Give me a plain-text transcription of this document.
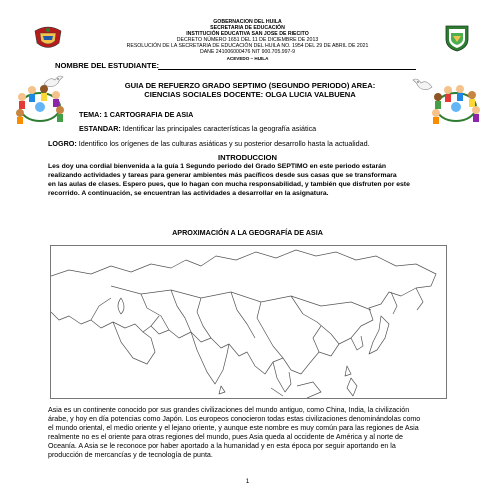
GOBERNACION DEL HUILA
SECRETARIA DE EDUCACIÓN
INSTITUCIÓN EDUCATIVA SAN JOSE DE RIECITO
DECRETO NÚMERO 1651 DEL 11 DE DICIEMBRE DE 2013
RESOLUCIÓN DE LA SECRETARIA DE EDUCACIÓN DEL HUILA NO. 1954 DEL 29 DE ABRIL DE 2021
DANE 241006000476 NIT 900.705.997-9
ACEVEDO – HUILA
NOMBRE DEL ESTUDIANTE:
GUIA DE REFUERZO GRADO SEPTIMO (SEGUNDO PERIODO) AREA:
CIENCIAS SOCIALES DOCENTE: OLGA LUCIA VALBUENA
TEMA: 1 CARTOGRAFIA DE ASIA
ESTANDAR: Identificar las principales características la geografía asiática
LOGRO: Identifico los orígenes de las culturas asiáticas y su posterior desarrollo hasta la actualidad.
INTRODUCCION
Les doy una cordial bienvenida a la guía 1 Segundo periodo del Grado SEPTIMO en este periodo estarán
realizando actividades y tareas para generar ambientes más pacíficos desde sus casas que se transformara
en las aulas de clases. Espero pues, que lo hagan con mucha responsabilidad, y también que disfruten por este
recorrido. A continuación, se encuentran las actividades a desarrollar en la asignatura.
APROXIMACIÓN A LA GEOGRAFÍA DE ASIA
Asia es un continente conocido por sus grandes civilizaciones del mundo antiguo, como China, India, la civilización
árabe, y hoy en día potencias como Japón. Los europeos conocieron todas estas civilizaciones denominándolas como
el mundo oriental, el medio oriente y el lejano oriente, y aunque este nombre es muy común para las regiones de Asia
realmente no es el oriente para otras regiones del mundo, pues Asia queda al occidente de América y al norte de
Oceanía. A Asia se le reconoce por haber aportado a la humanidad y en esta época por seguir aportando en la
producción de mercancías y de tecnología de punta.
1
